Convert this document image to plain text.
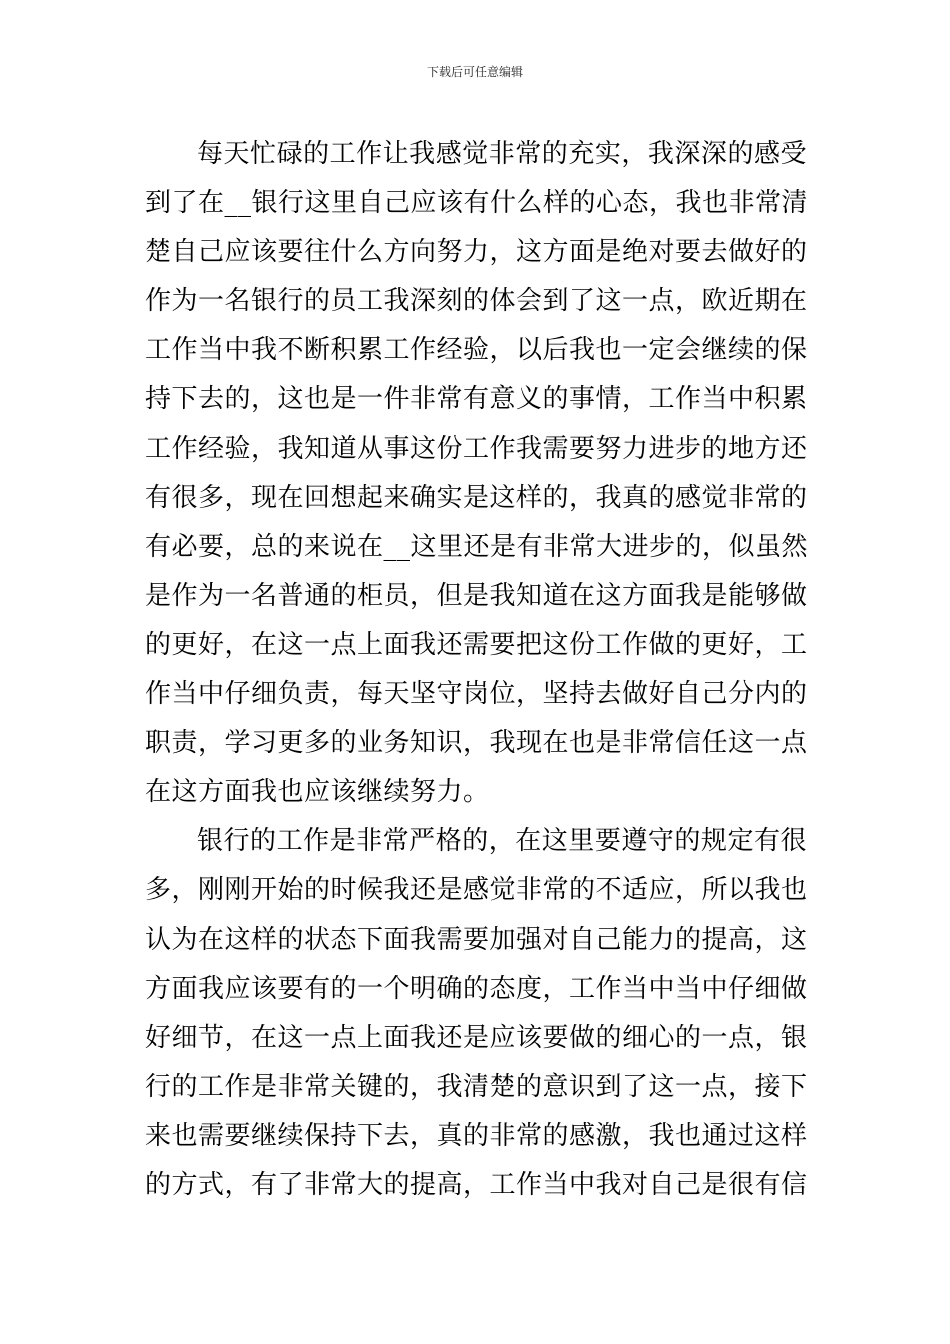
下载后可任意编辑
每天忙碌的工作让我感觉非常的充实，我深深的感受
到了在__银行这里自己应该有什么样的心态，我也非常清
楚自己应该要往什么方向努力，这方面是绝对要去做好的
作为一名银行的员工我深刻的体会到了这一点，欧近期在
工作当中我不断积累工作经验，以后我也一定会继续的保
持下去的，这也是一件非常有意义的事情，工作当中积累
工作经验，我知道从事这份工作我需要努力进步的地方还
有很多，现在回想起来确实是这样的，我真的感觉非常的
有必要，总的来说在__这里还是有非常大进步的，似虽然
是作为一名普通的柜员，但是我知道在这方面我是能够做
的更好，在这一点上面我还需要把这份工作做的更好，工
作当中仔细负责，每天坚守岗位，坚持去做好自己分内的
职责，学习更多的业务知识，我现在也是非常信任这一点
在这方面我也应该继续努力。
银行的工作是非常严格的，在这里要遵守的规定有很
多，刚刚开始的时候我还是感觉非常的不适应，所以我也
认为在这样的状态下面我需要加强对自己能力的提高，这
方面我应该要有的一个明确的态度，工作当中当中仔细做
好细节，在这一点上面我还是应该要做的细心的一点，银
行的工作是非常关键的，我清楚的意识到了这一点，接下
来也需要继续保持下去，真的非常的感激，我也通过这样
的方式，有了非常大的提高，工作当中我对自己是很有信
